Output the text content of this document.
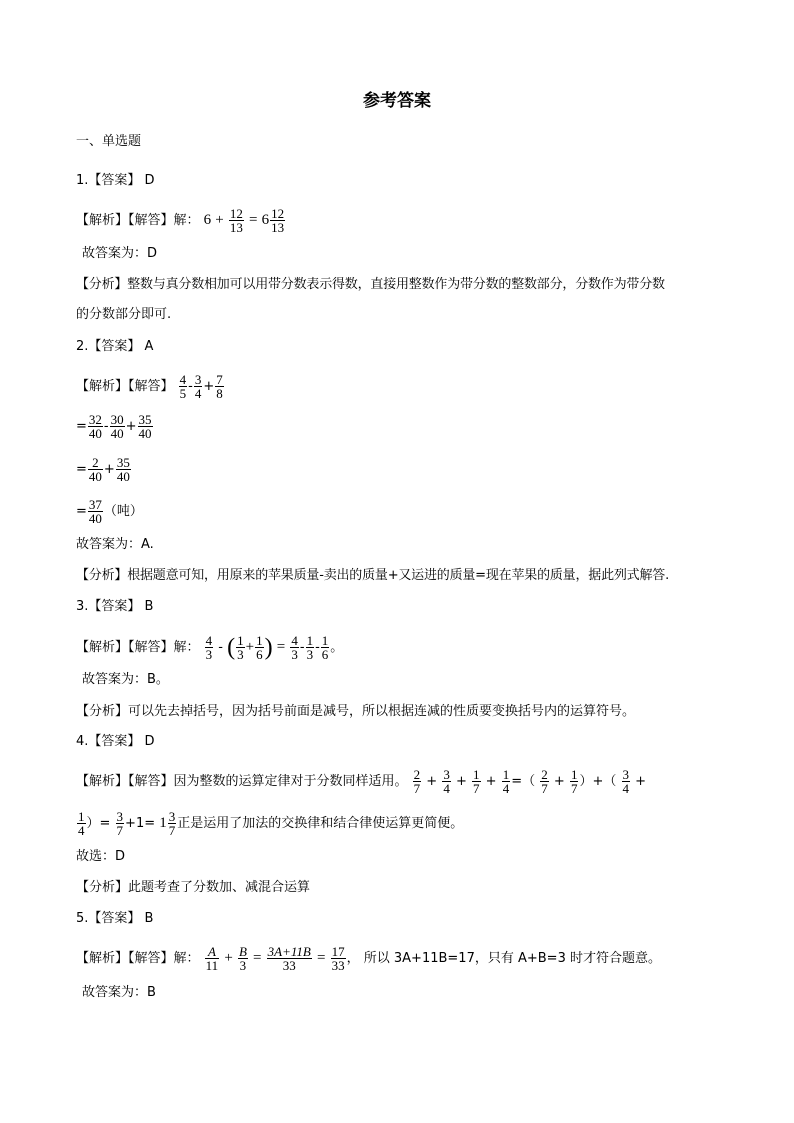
参考答案
一、单选题
1.【答案】 D
【解析】【解答】解： $6 + \frac{12}{13} = 6 \frac{12}{13}$
故答案为：D
【分析】整数与真分数相加可以用带分数表示得数，直接用整数作为带分数的整数部分，分数作为带分数
的分数部分即可.
2.【答案】 A
【解析】【解答】 $\frac{4}{5} - \frac{3}{4} + \frac{7}{8}$
= $\frac{32}{40} - \frac{30}{40} + \frac{35}{40}$
= $\frac{2}{40} + \frac{35}{40}$
= $\frac{37}{40}$ （吨）
故答案为：A.
【分析】根据题意可知，用原来的苹果质量-卖出的质量+又运进的质量=现在苹果的质量，据此列式解答.
3.【答案】 B
【解析】【解答】解： $\frac{4}{3}$ - ( $\frac{1}{3} + \frac{1}{6}$ ) = $\frac{4}{3} - \frac{1}{3} - \frac{1}{6}$ 。
故答案为：B。
【分析】可以先去掉括号，因为括号前面是减号，所以根据连减的性质要变换括号内的运算符号。
4.【答案】 D
【解析】【解答】因为整数的运算定律对于分数同样适用。 $\frac{2}{7} + \frac{3}{4} + \frac{1}{7} + \frac{1}{4}$ =（ $\frac{2}{7} + \frac{1}{7}$ ）+（ $\frac{3}{4}$ +
$\frac{1}{4}$ ）= $\frac{3}{7} +1= 1 \frac{3}{7}$ 正是运用了加法的交换律和结合律使运算更简便。
故选：D
【分析】此题考查了分数加、减混合运算
5.【答案】 B
【解析】【解答】解： $\frac{A}{11} + \frac{B}{3} = \frac{3A+11B}{33} = \frac{17}{33}$ ， 所以 3A+11B=17，只有 A+B=3 时才符合题意。
故答案为：B
